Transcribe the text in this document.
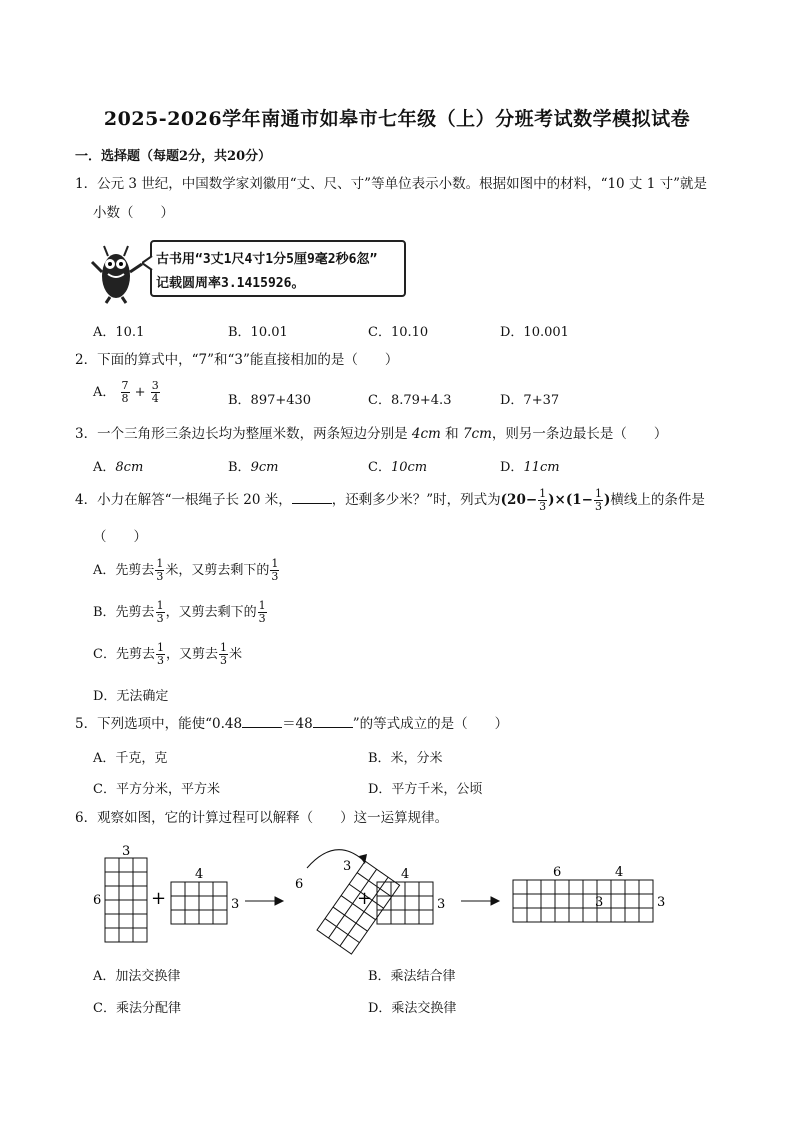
2025-2026学年南通市如皋市七年级（上）分班考试数学模拟试卷
一．选择题（每题2分，共20分）
1．公元 3 世纪，中国数学家刘徽用“丈、尺、寸”等单位表示小数。根据如图中的材料，“10 丈 1 寸”就是
小数（　　）
古书用“3丈1尺4寸1分5厘9毫2秒6忽”
记载圆周率3.1415926。
A．10.1	B．10.01	C．10.10	D．10.001
2．下面的算式中，“7”和“3”能直接相加的是（　　）
A． $\frac{7}{8} + \frac{3}{4}$	B．897+430	C．8.79+4.3	D．7+37
3．一个三角形三条边长均为整厘米数，两条短边分别是 4cm 和 7cm，则另一条边最长是（　　）
A．8cm	B．9cm	C．10cm	D．11cm
4．小力在解答“一根绳子长 20 米，	，还剩多少米？”时，列式为$(20- \frac{1}{3} )\times(1- \frac{1}{3}$ )横线上的条件是
（　　）
A．先剪去 $\frac{1}{3}$ 米，又剪去剩下的 $\frac{1}{3}$
B．先剪去 $\frac{1}{3}$ ，又剪去剩下的 $\frac{1}{3}$
C．先剪去 $\frac{1}{3}$ ，又剪去 $\frac{1}{3}$ 米
D．无法确定
5．下列选项中，能使“0.48	＝48	”的等式成立的是（　　）
A．千克，克	B．米，分米
C．平方分米，平方米	D．平方千米，公顷
6．观察如图，它的计算过程可以解释（　　）这一运算规律。
3
6	+
4
3
6
3
+
4
3
6	4
3	3
A．加法交换律	B．乘法结合律
C．乘法分配律	D．乘法交换律
